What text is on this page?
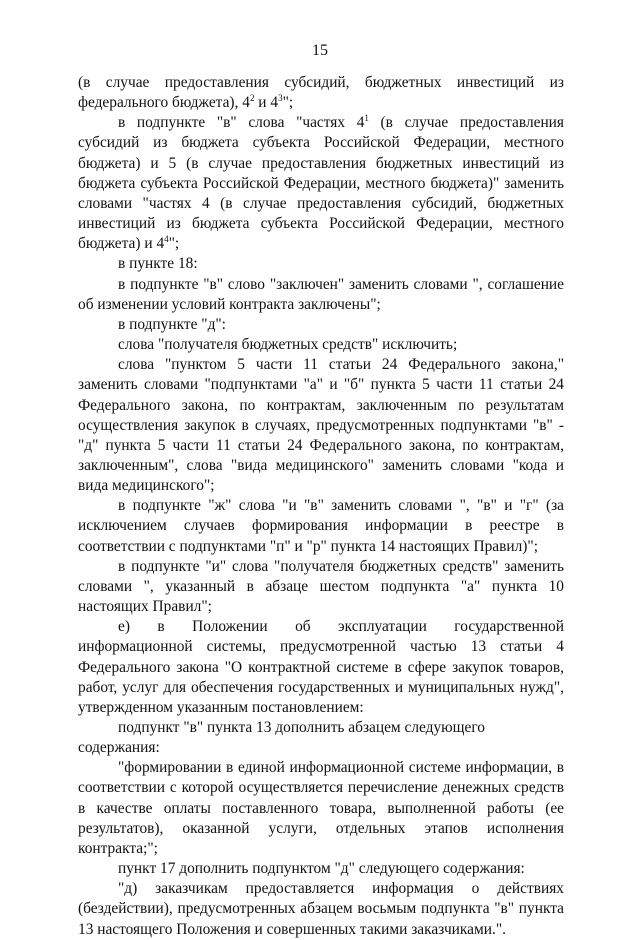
15

(в случае предоставления субсидий, бюджетных инвестиций из федерального бюджета), $4^2$ и $4^3$";

в подпункте "в" слова "частях $4^1$ (в случае предоставления субсидий из бюджета субъекта Российской Федерации, местного бюджета) и 5 (в случае предоставления бюджетных инвестиций из бюджета субъекта Российской Федерации, местного бюджета)" заменить словами "частях 4 (в случае предоставления субсидий, бюджетных инвестиций из бюджета субъекта Российской Федерации, местного бюджета) и $4^4$";

в пункте 18:

в подпункте "в" слово "заключен" заменить словами ", соглашение об изменении условий контракта заключены";

в подпункте "д":

слова "получателя бюджетных средств" исключить;

слова "пунктом 5 части 11 статьи 24 Федерального закона," заменить словами "подпунктами "а" и "б" пункта 5 части 11 статьи 24 Федерального закона, по контрактам, заключенным по результатам осуществления закупок в случаях, предусмотренных подпунктами "в" - "д" пункта 5 части 11 статьи 24 Федерального закона, по контрактам, заключенным", слова "вида медицинского" заменить словами "кода и вида медицинского";

в подпункте "ж" слова "и "в" заменить словами ", "в" и "г" (за исключением случаев формирования информации в реестре в соответствии с подпунктами "п" и "р" пункта 14 настоящих Правил)";

в подпункте "и" слова "получателя бюджетных средств" заменить словами ", указанный в абзаце шестом подпункта "а" пункта 10 настоящих Правил";

е) в Положении об эксплуатации государственной информационной системы, предусмотренной частью 13 статьи 4 Федерального закона "О контрактной системе в сфере закупок товаров, работ, услуг для обеспечения государственных и муниципальных нужд", утвержденном указанным постановлением:

подпункт "в" пункта 13 дополнить абзацем следующего содержания:

"формировании в единой информационной системе информации, в соответствии с которой осуществляется перечисление денежных средств в качестве оплаты поставленного товара, выполненной работы (ее результатов), оказанной услуги, отдельных этапов исполнения контракта;";

пункт 17 дополнить подпунктом "д" следующего содержания:

"д) заказчикам предоставляется информация о действиях (бездействии), предусмотренных абзацем восьмым подпункта "в" пункта 13 настоящего Положения и совершенных такими заказчиками.".
